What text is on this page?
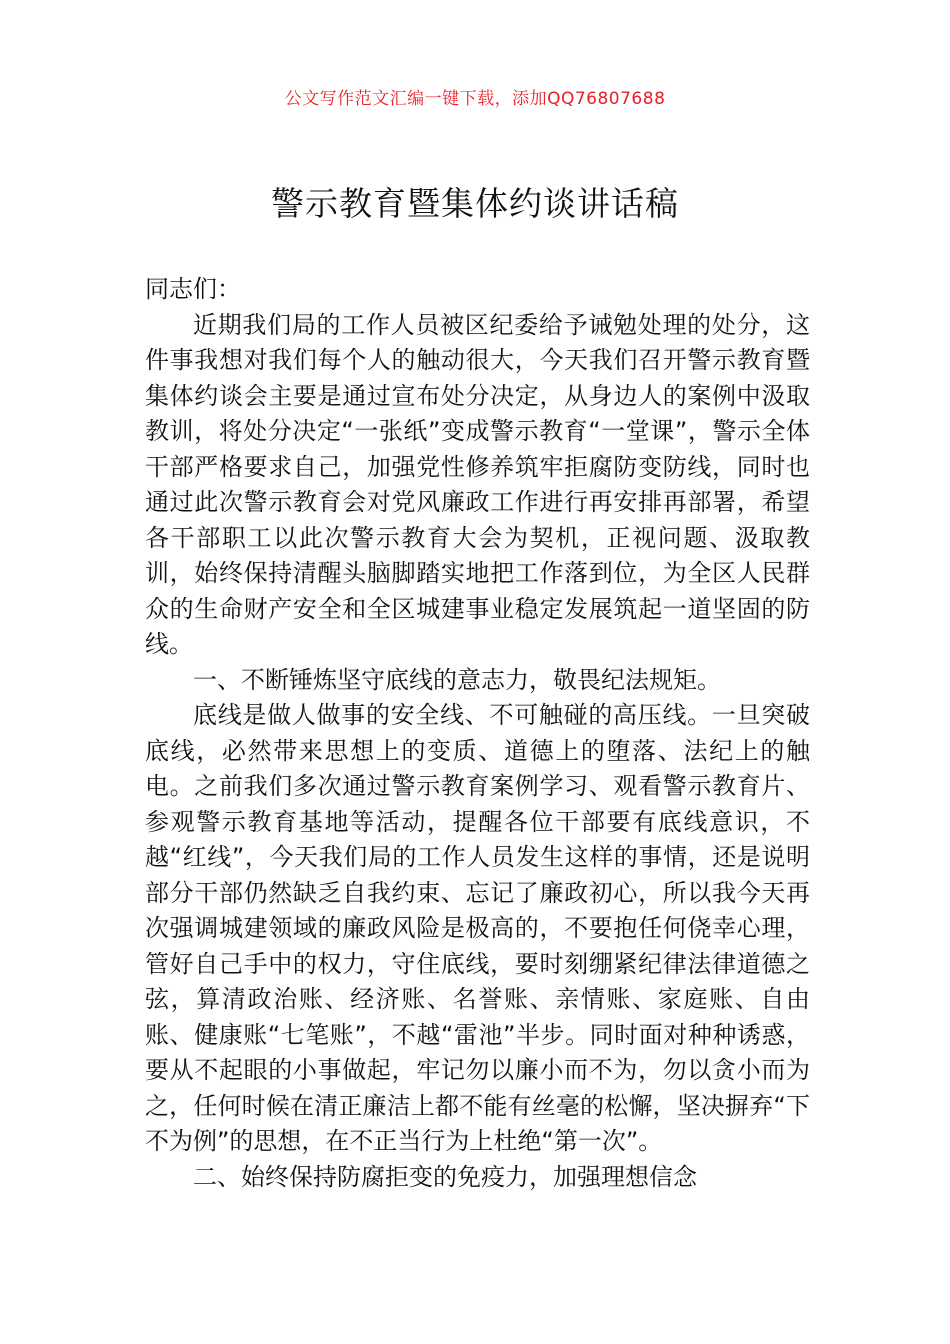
公文写作范文汇编一键下载，添加QQ76807688
警示教育暨集体约谈讲话稿

同志们：

近期我们局的工作人员被区纪委给予诫勉处理的处分，这件事我想对我们每个人的触动很大，今天我们召开警示教育暨集体约谈会主要是通过宣布处分决定，从身边人的案例中汲取教训，将处分决定“一张纸”变成警示教育“一堂课”，警示全体干部严格要求自己，加强党性修养筑牢拒腐防变防线，同时也通过此次警示教育会对党风廉政工作进行再安排再部署，希望各干部职工以此次警示教育大会为契机，正视问题、汲取教训，始终保持清醒头脑脚踏实地把工作落到位，为全区人民群众的生命财产安全和全区城建事业稳定发展筑起一道坚固的防线。

一、不断锤炼坚守底线的意志力，敬畏纪法规矩。

底线是做人做事的安全线、不可触碰的高压线。一旦突破底线，必然带来思想上的变质、道德上的堕落、法纪上的触电。之前我们多次通过警示教育案例学习、观看警示教育片、参观警示教育基地等活动，提醒各位干部要有底线意识，不越“红线”，今天我们局的工作人员发生这样的事情，还是说明部分干部仍然缺乏自我约束、忘记了廉政初心，所以我今天再次强调城建领域的廉政风险是极高的，不要抱任何侥幸心理，管好自己手中的权力，守住底线，要时刻绷紧纪律法律道德之弦，算清政治账、经济账、名誉账、亲情账、家庭账、自由账、健康账“七笔账”，不越“雷池”半步。同时面对种种诱惑，要从不起眼的小事做起，牢记勿以廉小而不为，勿以贪小而为之，任何时候在清正廉洁上都不能有丝毫的松懈，坚决摒弃“下不为例”的思想，在不正当行为上杜绝“第一次”。

二、始终保持防腐拒变的免疫力，加强理想信念
